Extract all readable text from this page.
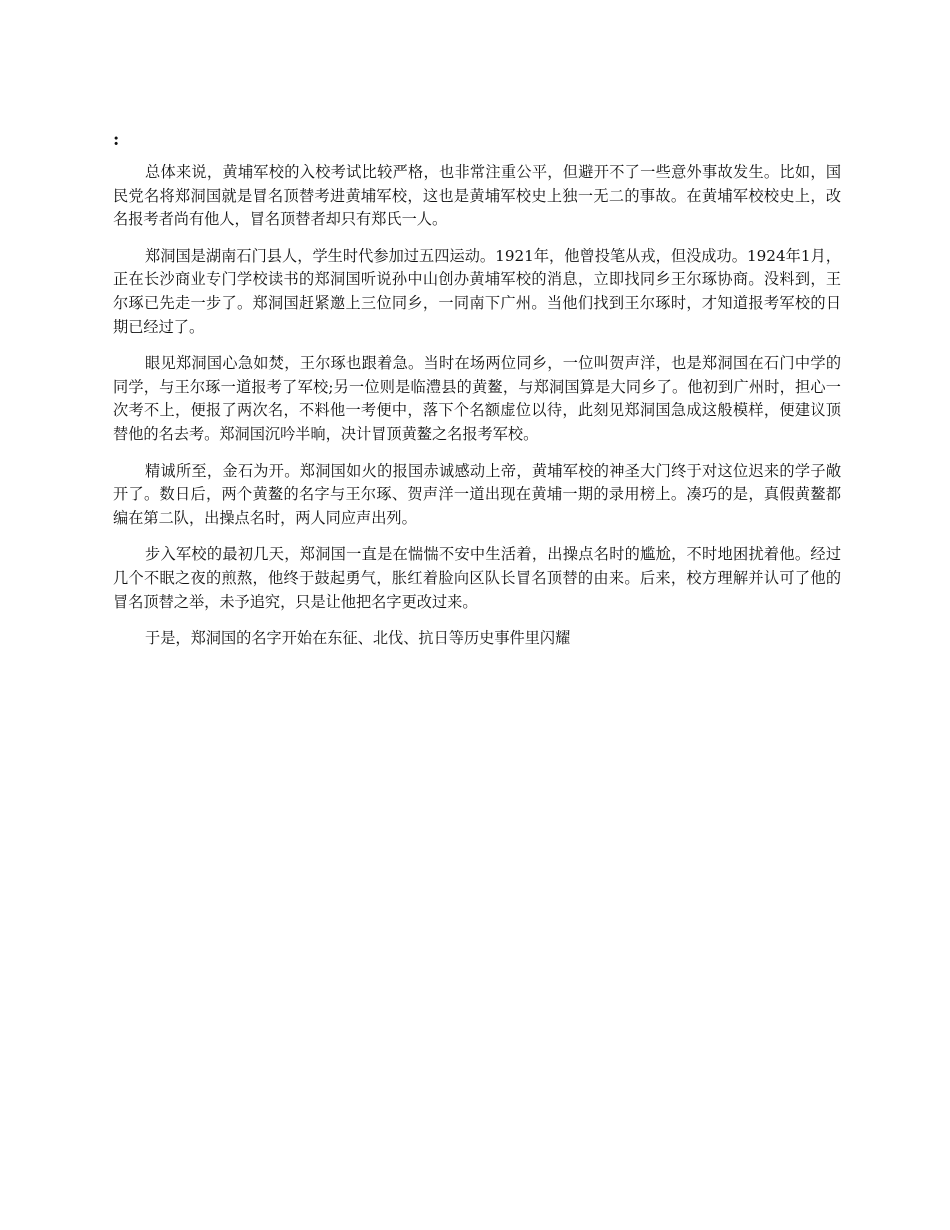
:

总体来说，黄埔军校的入校考试比较严格，也非常注重公平，但避开不了一些意外事故发生。比如，国民党名将郑洞国就是冒名顶替考进黄埔军校，这也是黄埔军校史上独一无二的事故。在黄埔军校校史上，改名报考者尚有他人，冒名顶替者却只有郑氏一人。

郑洞国是湖南石门县人，学生时代参加过五四运动。1921年，他曾投笔从戎，但没成功。1924年1月，正在长沙商业专门学校读书的郑洞国听说孙中山创办黄埔军校的消息，立即找同乡王尔琢协商。没料到，王尔琢已先走一步了。郑洞国赶紧邀上三位同乡，一同南下广州。当他们找到王尔琢时，才知道报考军校的日期已经过了。

眼见郑洞国心急如焚，王尔琢也跟着急。当时在场两位同乡，一位叫贺声洋，也是郑洞国在石门中学的同学，与王尔琢一道报考了军校;另一位则是临澧县的黄鳌，与郑洞国算是大同乡了。他初到广州时，担心一次考不上，便报了两次名，不料他一考便中，落下个名额虚位以待，此刻见郑洞国急成这般模样，便建议顶替他的名去考。郑洞国沉吟半晌，决计冒顶黄鳌之名报考军校。

精诚所至，金石为开。郑洞国如火的报国赤诚感动上帝，黄埔军校的神圣大门终于对这位迟来的学子敞开了。数日后，两个黄鳌的名字与王尔琢、贺声洋一道出现在黄埔一期的录用榜上。凑巧的是，真假黄鳌都编在第二队，出操点名时，两人同应声出列。

步入军校的最初几天，郑洞国一直是在惴惴不安中生活着，出操点名时的尴尬，不时地困扰着他。经过几个不眠之夜的煎熬，他终于鼓起勇气，胀红着脸向区队长冒名顶替的由来。后来，校方理解并认可了他的冒名顶替之举，未予追究，只是让他把名字更改过来。

于是，郑洞国的名字开始在东征、北伐、抗日等历史事件里闪耀
